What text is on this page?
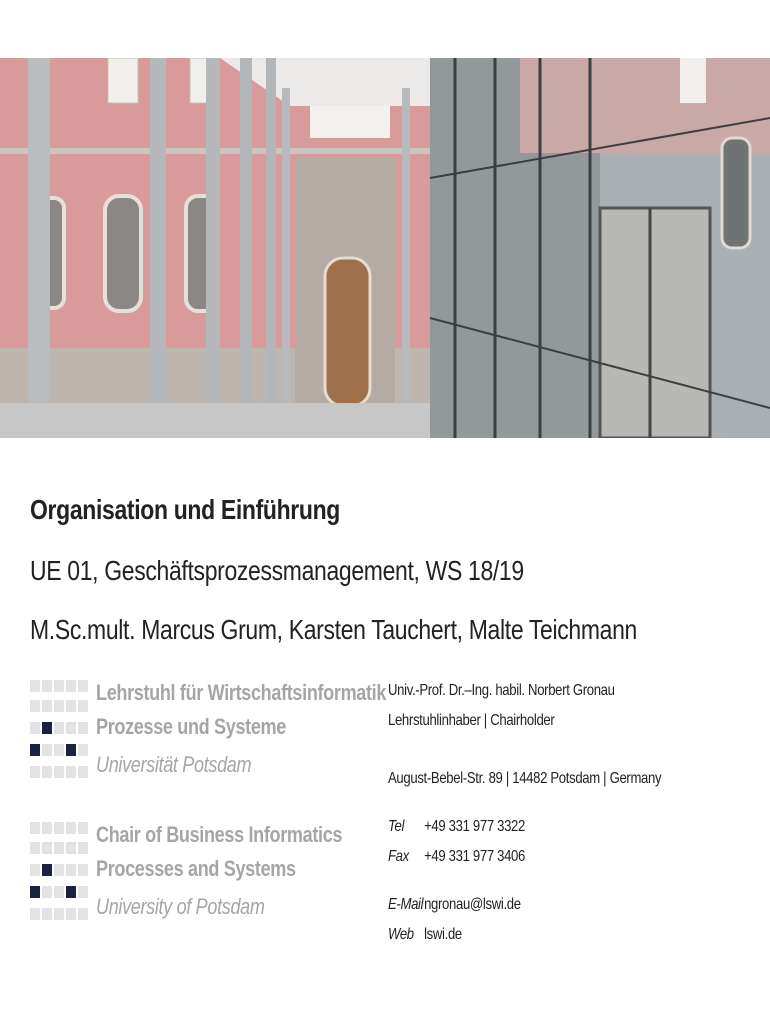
Organisation und Einführung
UE 01, Geschäftsprozessmanagement, WS 18/19
M.Sc.mult. Marcus Grum, Karsten Tauchert, Malte Teichmann
Lehrstuhl für Wirtschaftsinformatik
Prozesse und Systeme
Universität Potsdam
Chair of Business Informatics
Processes and Systems
University of Potsdam
Univ.-Prof. Dr.–Ing. habil. Norbert Gronau
Lehrstuhlinhaber | Chairholder
August-Bebel-Str. 89 | 14482 Potsdam | Germany
Tel +49 331 977 3322
Fax +49 331 977 3406
E-Mailngronau@lswi.de
Web lswi.de
